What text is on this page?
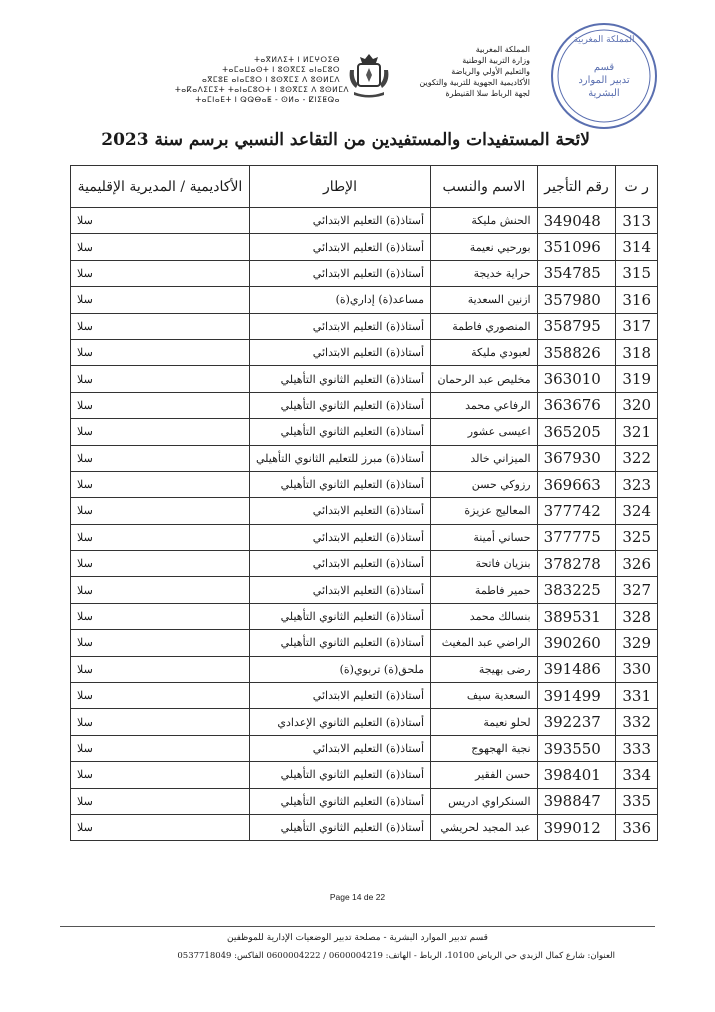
ⵜⴰⴳⵍⴷⵉⵜ ⵏ ⵍⵎⵖⵔⵉⴱ
ⵜⴰⵎⴰⵡⴰⵙⵜ ⵏ ⵓⵙⴳⵎⵉ ⴰⵏⴰⵎⵓⵔ
ⴰⴳⵎⵓⴹ ⴰⵏⴰⵎⵓⵔ ⵏ ⵓⵙⴳⵎⵉ ⴷ ⵓⵙⵍⵎⴷ
ⵜⴰⴽⴰⴷⵉⵎⵉⵜ ⵜⴰⵏⴰⵎⵓⵔⵜ ⵏ ⵓⵙⴳⵎⵉ ⴷ ⵓⵙⵍⵎⴷ
ⵜⴰⵎⵏⴰⴹⵜ ⵏ ⵕⵕⴱⴰⵟ - ⵙⵍⴰ - ⵇⵏⵉⵟⵕⴰ
المملكة المغربية
وزارة التربية الوطنية
والتعليم الأولي والرياضة
الأكاديمية الجهوية للتربية والتكوين
لجهة الرباط سلا القنيطرة
المملكة المغربية
قسم
تدبير الموارد
البشرية
لائحة المستفيدات والمستفيدين من التقاعد النسبي برسم سنة 2023
ر ت	رقم التأجير	الاسم والنسب	الإطار	الأكاديمية / المديرية الإقليمية
313	349048	الحنش مليكة	أستاذ(ة) التعليم الابتدائي	سلا
314	351096	بورحيي نعيمة	أستاذ(ة) التعليم الابتدائي	سلا
315	354785	حراية خديجة	أستاذ(ة) التعليم الابتدائي	سلا
316	357980	ازنين السعدية	مساعد(ة) إداري(ة)	سلا
317	358795	المنصوري فاطمة	أستاذ(ة) التعليم الابتدائي	سلا
318	358826	لعبودي مليكة	أستاذ(ة) التعليم الابتدائي	سلا
319	363010	مخليص عبد الرحمان	أستاذ(ة) التعليم الثانوي التأهيلي	سلا
320	363676	الرفاعي محمد	أستاذ(ة) التعليم الثانوي التأهيلي	سلا
321	365205	اعيسى عشور	أستاذ(ة) التعليم الثانوي التأهيلي	سلا
322	367930	الميزاني خالد	أستاذ(ة) مبرز للتعليم الثانوي التأهيلي	سلا
323	369663	رزوكي حسن	أستاذ(ة) التعليم الثانوي التأهيلي	سلا
324	377742	المعاليج عزيزة	أستاذ(ة) التعليم الابتدائي	سلا
325	377775	حساني أمينة	أستاذ(ة) التعليم الابتدائي	سلا
326	378278	بنزيان فاتحة	أستاذ(ة) التعليم الابتدائي	سلا
327	383225	حمير فاطمة	أستاذ(ة) التعليم الابتدائي	سلا
328	389531	بنسالك محمد	أستاذ(ة) التعليم الثانوي التأهيلي	سلا
329	390260	الراضي عبد المغيث	أستاذ(ة) التعليم الثانوي التأهيلي	سلا
330	391486	رضى بهيجة	ملحق(ة) تربوي(ة)	سلا
331	391499	السعدية سيف	أستاذ(ة) التعليم الابتدائي	سلا
332	392237	لحلو نعيمة	أستاذ(ة) التعليم الثانوي الإعدادي	سلا
333	393550	نجية الهجهوج	أستاذ(ة) التعليم الابتدائي	سلا
334	398401	حسن الفقير	أستاذ(ة) التعليم الثانوي التأهيلي	سلا
335	398847	السنكراوي ادريس	أستاذ(ة) التعليم الثانوي التأهيلي	سلا
336	399012	عبد المجيد لحريشي	أستاذ(ة) التعليم الثانوي التأهيلي	سلا
Page 14 de 22
قسم تدبير الموارد البشرية - مصلحة تدبير الوضعيات الإدارية للموظفين
العنوان: شارع كمال الزبدي حي الرياض 10100، الرباط - الهاتف: 0600004219 / 0600004222 الفاكس: 0537718049
